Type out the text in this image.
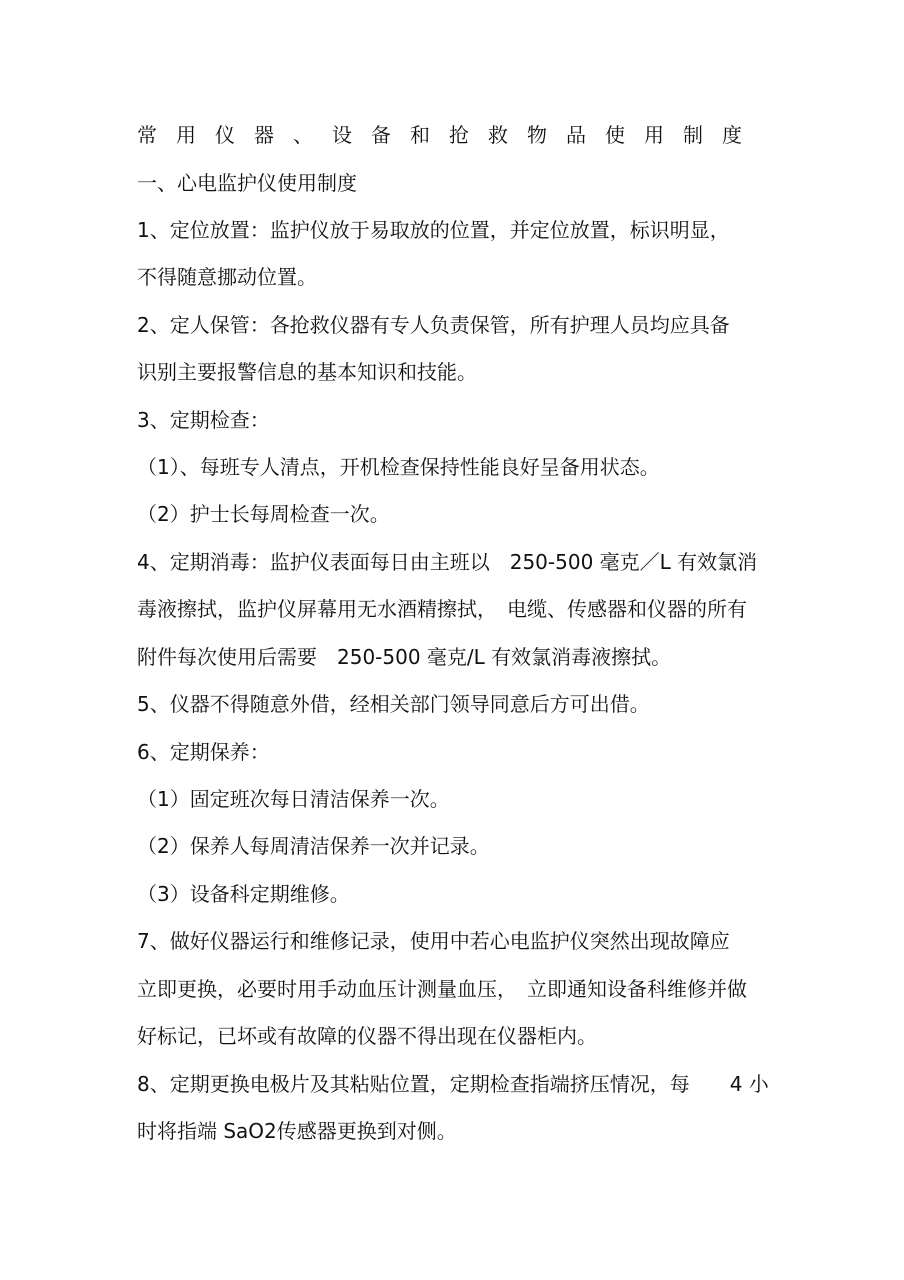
常用仪器、设备和抢救物品使用制度
一、心电监护仪使用制度
1、定位放置：监护仪放于易取放的位置，并定位放置，标识明显，
不得随意挪动位置。
2、定人保管：各抢救仪器有专人负责保管，所有护理人员均应具备
识别主要报警信息的基本知识和技能。
3、定期检查：
（1）、每班专人清点，开机检查保持性能良好呈备用状态。
（2）护士长每周检查一次。
4、定期消毒：监护仪表面每日由主班以　250-500 毫克／L 有效氯消
毒液擦拭，监护仪屏幕用无水酒精擦拭，　电缆、传感器和仪器的所有
附件每次使用后需要　250-500 毫克/L 有效氯消毒液擦拭。
5、仪器不得随意外借，经相关部门领导同意后方可出借。
6、定期保养：
（1）固定班次每日清洁保养一次。
（2）保养人每周清洁保养一次并记录。
（3）设备科定期维修。
7、做好仪器运行和维修记录，使用中若心电监护仪突然出现故障应
立即更换，必要时用手动血压计测量血压，　立即通知设备科维修并做
好标记，已坏或有故障的仪器不得出现在仪器柜内。
8、定期更换电极片及其粘贴位置，定期检查指端挤压情况，每　　4 小
时将指端 SaO2传感器更换到对侧。
